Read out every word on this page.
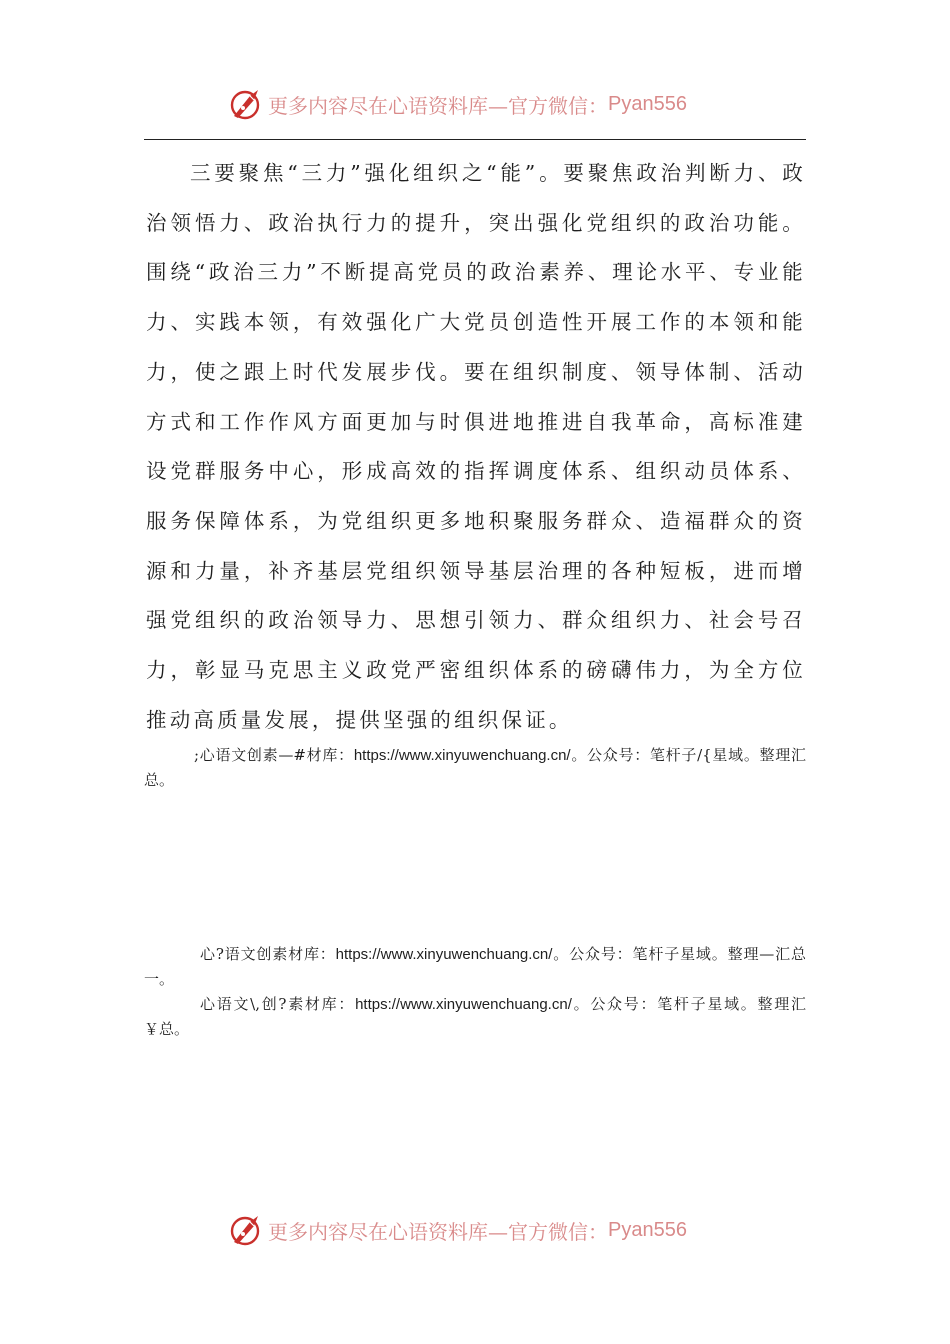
更多内容尽在心语资料库—官方微信： Pyan556

三要聚焦“三力”强化组织之“能”。要聚焦政治判断力、政治领悟力、政治执行力的提升，突出强化党组织的政治功能。围绕“政治三力”不断提高党员的政治素养、理论水平、专业能力、实践本领，有效强化广大党员创造性开展工作的本领和能力，使之跟上时代发展步伐。要在组织制度、领导体制、活动方式和工作作风方面更加与时俱进地推进自我革命，高标准建设党群服务中心，形成高效的指挥调度体系、组织动员体系、服务保障体系，为党组织更多地积聚服务群众、造福群众的资源和力量，补齐基层党组织领导基层治理的各种短板，进而增强党组织的政治领导力、思想引领力、群众组织力、社会号召力，彰显马克思主义政党严密组织体系的磅礴伟力，为全方位推动高质量发展，提供坚强的组织保证。

;心语文创素—#材库：https://www.xinyuwenchuang.cn/。公众号：笔杆子/{星域。整理汇总。

心?语文创素材库：https://www.xinyuwenchuang.cn/。公众号：笔杆子星域。整理—汇总一。

心语文\,创?素材库：https://www.xinyuwenchuang.cn/。公众号：笔杆子星域。整理汇￥总。

更多内容尽在心语资料库—官方微信： Pyan556
